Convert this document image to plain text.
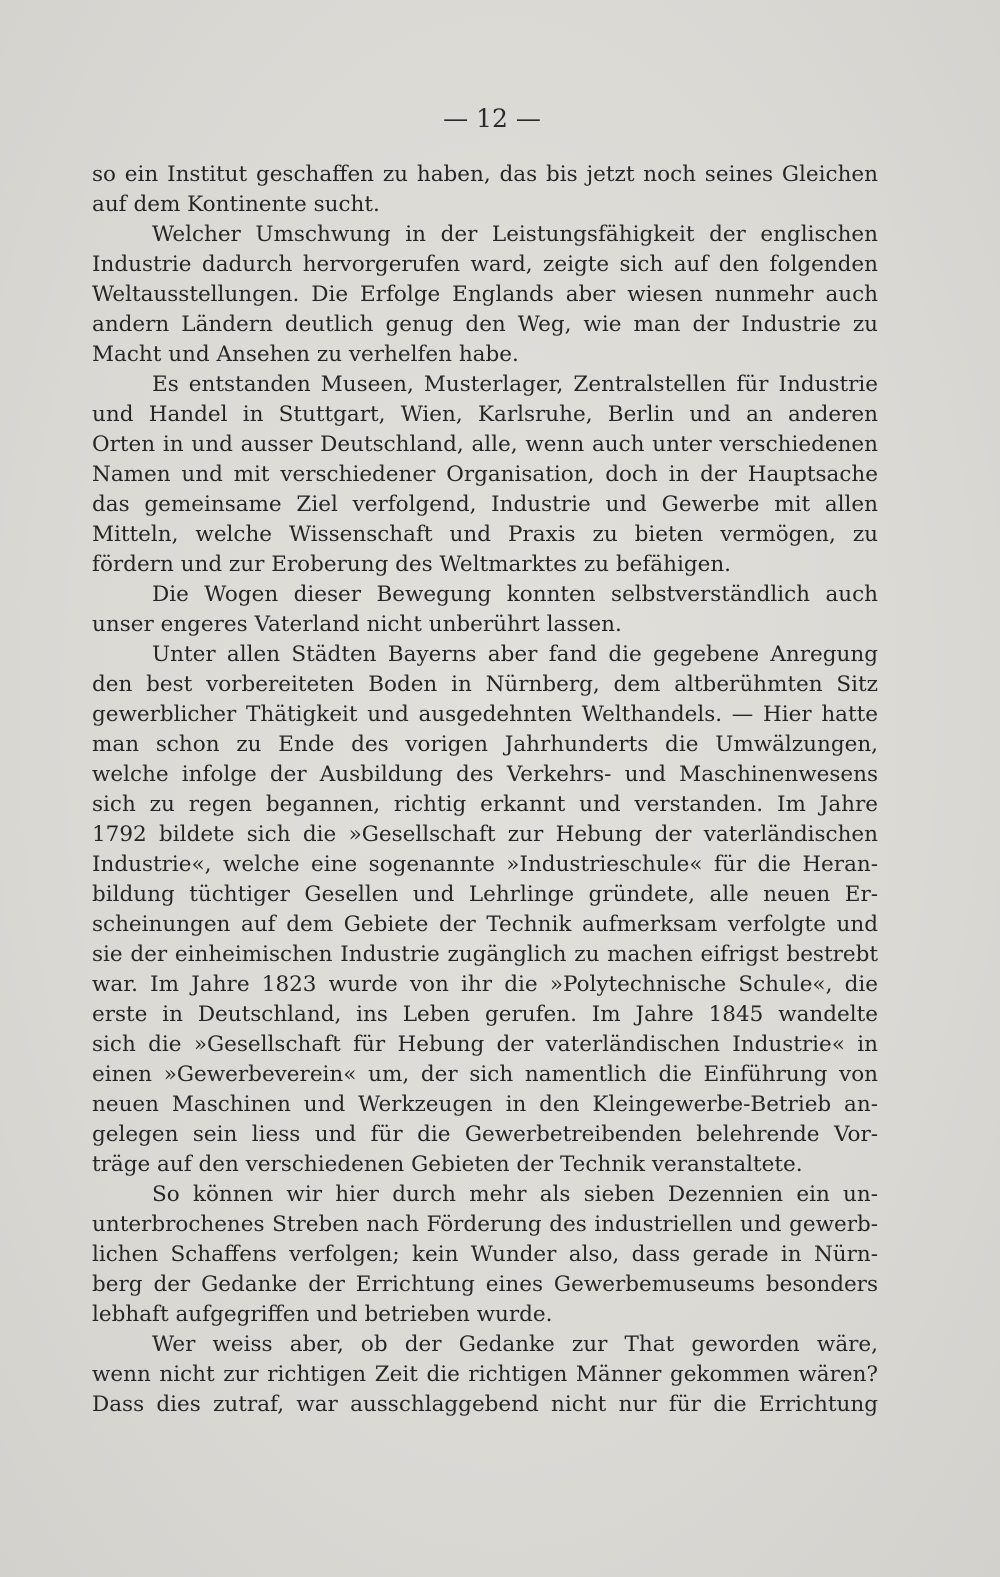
— 12 —
so ein Institut geschaffen zu haben, das bis jetzt noch seines Gleichen
auf dem Kontinente sucht.
Welcher Umschwung in der Leistungsfähigkeit der englischen
Industrie dadurch hervorgerufen ward, zeigte sich auf den folgenden
Weltausstellungen. Die Erfolge Englands aber wiesen nunmehr auch
andern Ländern deutlich genug den Weg, wie man der Industrie zu
Macht und Ansehen zu verhelfen habe.
Es entstanden Museen, Musterlager, Zentralstellen für Industrie
und Handel in Stuttgart, Wien, Karlsruhe, Berlin und an anderen
Orten in und ausser Deutschland, alle, wenn auch unter verschiedenen
Namen und mit verschiedener Organisation, doch in der Hauptsache
das gemeinsame Ziel verfolgend, Industrie und Gewerbe mit allen
Mitteln, welche Wissenschaft und Praxis zu bieten vermögen, zu
fördern und zur Eroberung des Weltmarktes zu befähigen.
Die Wogen dieser Bewegung konnten selbstverständlich auch
unser engeres Vaterland nicht unberührt lassen.
Unter allen Städten Bayerns aber fand die gegebene Anregung
den best vorbereiteten Boden in Nürnberg, dem altberühmten Sitz
gewerblicher Thätigkeit und ausgedehnten Welthandels. — Hier hatte
man schon zu Ende des vorigen Jahrhunderts die Umwälzungen,
welche infolge der Ausbildung des Verkehrs- und Maschinenwesens
sich zu regen begannen, richtig erkannt und verstanden. Im Jahre
1792 bildete sich die »Gesellschaft zur Hebung der vaterländischen
Industrie«, welche eine sogenannte »Industrieschule« für die Heran-
bildung tüchtiger Gesellen und Lehrlinge gründete, alle neuen Er-
scheinungen auf dem Gebiete der Technik aufmerksam verfolgte und
sie der einheimischen Industrie zugänglich zu machen eifrigst bestrebt
war. Im Jahre 1823 wurde von ihr die »Polytechnische Schule«, die
erste in Deutschland, ins Leben gerufen. Im Jahre 1845 wandelte
sich die »Gesellschaft für Hebung der vaterländischen Industrie« in
einen »Gewerbeverein« um, der sich namentlich die Einführung von
neuen Maschinen und Werkzeugen in den Kleingewerbe-Betrieb an-
gelegen sein liess und für die Gewerbetreibenden belehrende Vor-
träge auf den verschiedenen Gebieten der Technik veranstaltete.
So können wir hier durch mehr als sieben Dezennien ein un-
unterbrochenes Streben nach Förderung des industriellen und gewerb-
lichen Schaffens verfolgen; kein Wunder also, dass gerade in Nürn-
berg der Gedanke der Errichtung eines Gewerbemuseums besonders
lebhaft aufgegriffen und betrieben wurde.
Wer weiss aber, ob der Gedanke zur That geworden wäre,
wenn nicht zur richtigen Zeit die richtigen Männer gekommen wären?
Dass dies zutraf, war ausschlaggebend nicht nur für die Errichtung
